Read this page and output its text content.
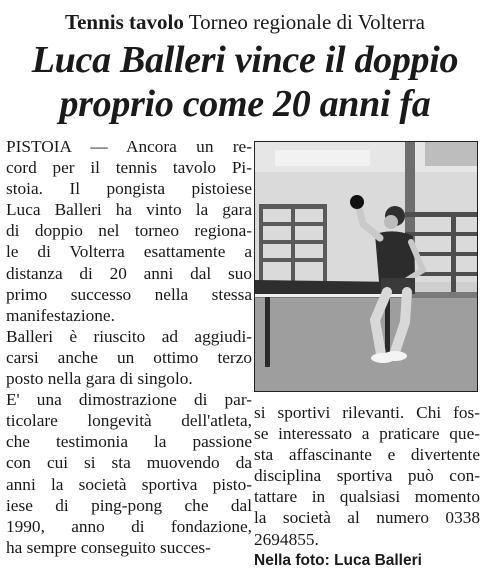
Tennis tavolo Torneo regionale di Volterra
Luca Balleri vince il doppio
proprio come 20 anni fa
PISTOIA — Ancora un re-
cord per il tennis tavolo Pi-
stoia. Il pongista pistoiese
Luca Balleri ha vinto la gara
di doppio nel torneo regiona-
le di Volterra esattamente a
distanza di 20 anni dal suo
primo successo nella stessa
manifestazione.
Balleri è riuscito ad aggiudi-
carsi anche un ottimo terzo
posto nella gara di singolo.
E' una dimostrazione di par-
ticolare longevità dell'atleta,
che testimonia la passione
con cui si sta muovendo da
anni la società sportiva pisto-
iese di ping-pong che dal
1990, anno di fondazione,
ha sempre conseguito succes-
si sportivi rilevanti. Chi fos-
se interessato a praticare que-
sta affascinante e divertente
disciplina sportiva può con-
tattare in qualsiasi momento
la società al numero 0338
2694855.
Nella foto: Luca Balleri
